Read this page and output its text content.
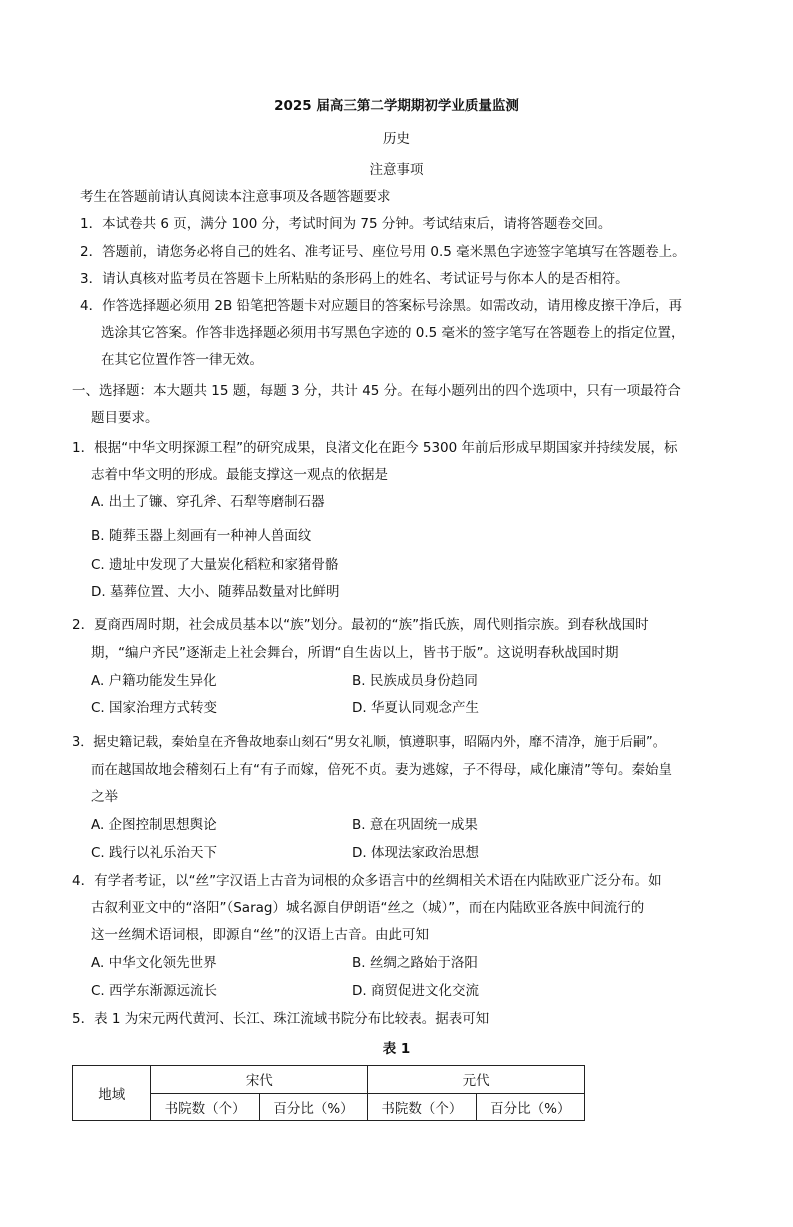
2025 届高三第二学期期初学业质量监测
历史
注意事项
考生在答题前请认真阅读本注意事项及各题答题要求
1．本试卷共 6 页，满分 100 分，考试时间为 75 分钟。考试结束后，请将答题卷交回。
2．答题前，请您务必将自己的姓名、准考证号、座位号用 0.5 毫米黑色字迹签字笔填写在答题卷上。
3．请认真核对监考员在答题卡上所粘贴的条形码上的姓名、考试证号与你本人的是否相符。
4．作答选择题必须用 2B 铅笔把答题卡对应题目的答案标号涂黑。如需改动，请用橡皮擦干净后，再
选涂其它答案。作答非选择题必须用书写黑色字迹的 0.5 毫米的签字笔写在答题卷上的指定位置，
在其它位置作答一律无效。
一、选择题：本大题共 15 题，每题 3 分，共计 45 分。在每小题列出的四个选项中，只有一项最符合
题目要求。
1．根据“中华文明探源工程”的研究成果，良渚文化在距今 5300 年前后形成早期国家并持续发展，标
志着中华文明的形成。最能支撑这一观点的依据是
A. 出土了镰、穿孔斧、石犁等磨制石器
B. 随葬玉器上刻画有一种神人兽面纹
C. 遗址中发现了大量炭化稻粒和家猪骨骼
D. 墓葬位置、大小、随葬品数量对比鲜明
2．夏商西周时期，社会成员基本以“族”划分。最初的“族”指氏族，周代则指宗族。到春秋战国时
期，“编户齐民”逐渐走上社会舞台，所谓“自生齿以上，皆书于版”。这说明春秋战国时期
A. 户籍功能发生异化	B. 民族成员身份趋同
C. 国家治理方式转变	D. 华夏认同观念产生
3．据史籍记载，秦始皇在齐鲁故地泰山刻石“男女礼顺，慎遵职事，昭隔内外，靡不清净，施于后嗣”。
而在越国故地会稽刻石上有“有子而嫁，倍死不贞。妻为逃嫁，子不得母，咸化廉清”等句。秦始皇
之举
A. 企图控制思想舆论	B. 意在巩固统一成果
C. 践行以礼乐治天下	D. 体现法家政治思想
4．有学者考证，以“丝”字汉语上古音为词根的众多语言中的丝绸相关术语在内陆欧亚广泛分布。如
古叙利亚文中的“洛阳”（Sarag）城名源自伊朗语“丝之（城）”，而在内陆欧亚各族中间流行的
这一丝绸术语词根，即源自“丝”的汉语上古音。由此可知
A. 中华文化领先世界	B. 丝绸之路始于洛阳
C. 西学东渐源远流长	D. 商贸促进文化交流
5．表 1 为宋元两代黄河、长江、珠江流域书院分布比较表。据表可知
表 1
地域	宋代		元代	
	书院数（个）	百分比（%）	书院数（个）	百分比（%）
